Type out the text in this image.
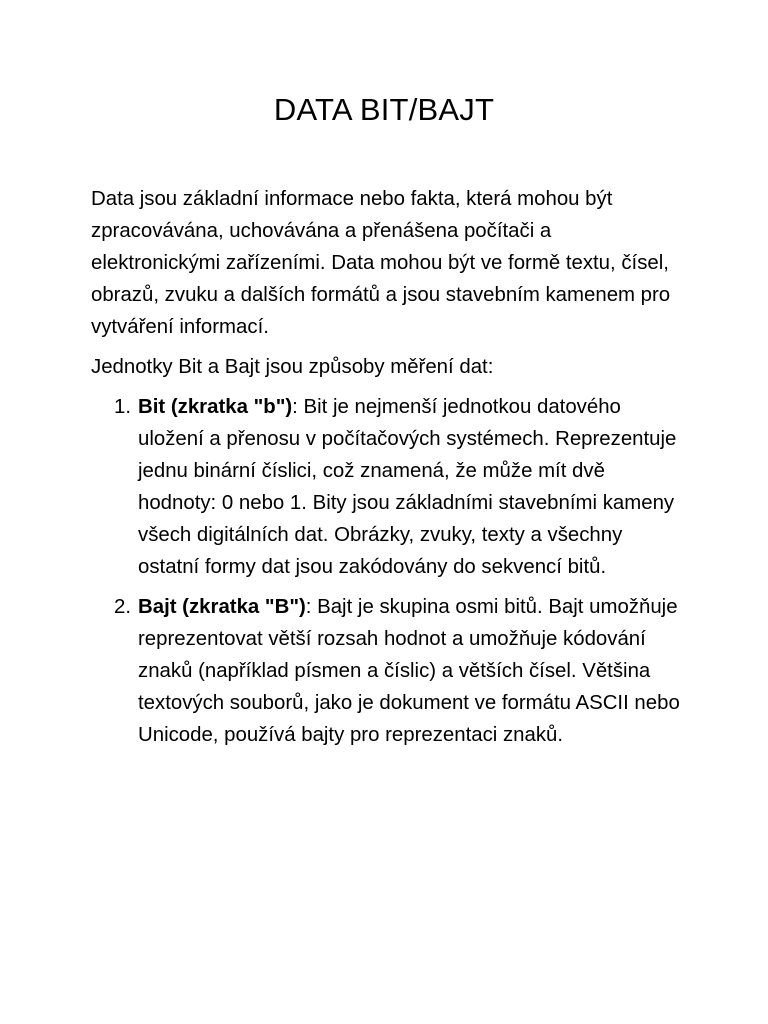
DATA BIT/BAJT

Data jsou základní informace nebo fakta, která mohou být zpracovávána, uchovávána a přenášena počítači a elektronickými zařízeními. Data mohou být ve formě textu, čísel, obrazů, zvuku a dalších formátů a jsou stavebním kamenem pro vytváření informací.

Jednotky Bit a Bajt jsou způsoby měření dat:

1. Bit (zkratka "b"): Bit je nejmenší jednotkou datového uložení a přenosu v počítačových systémech. Reprezentuje jednu binární číslici, což znamená, že může mít dvě hodnoty: 0 nebo 1. Bity jsou základními stavebními kameny všech digitálních dat. Obrázky, zvuky, texty a všechny ostatní formy dat jsou zakódovány do sekvencí bitů.
2. Bajt (zkratka "B"): Bajt je skupina osmi bitů. Bajt umožňuje reprezentovat větší rozsah hodnot a umožňuje kódování znaků (například písmen a číslic) a větších čísel. Většina textových souborů, jako je dokument ve formátu ASCII nebo Unicode, používá bajty pro reprezentaci znaků.
